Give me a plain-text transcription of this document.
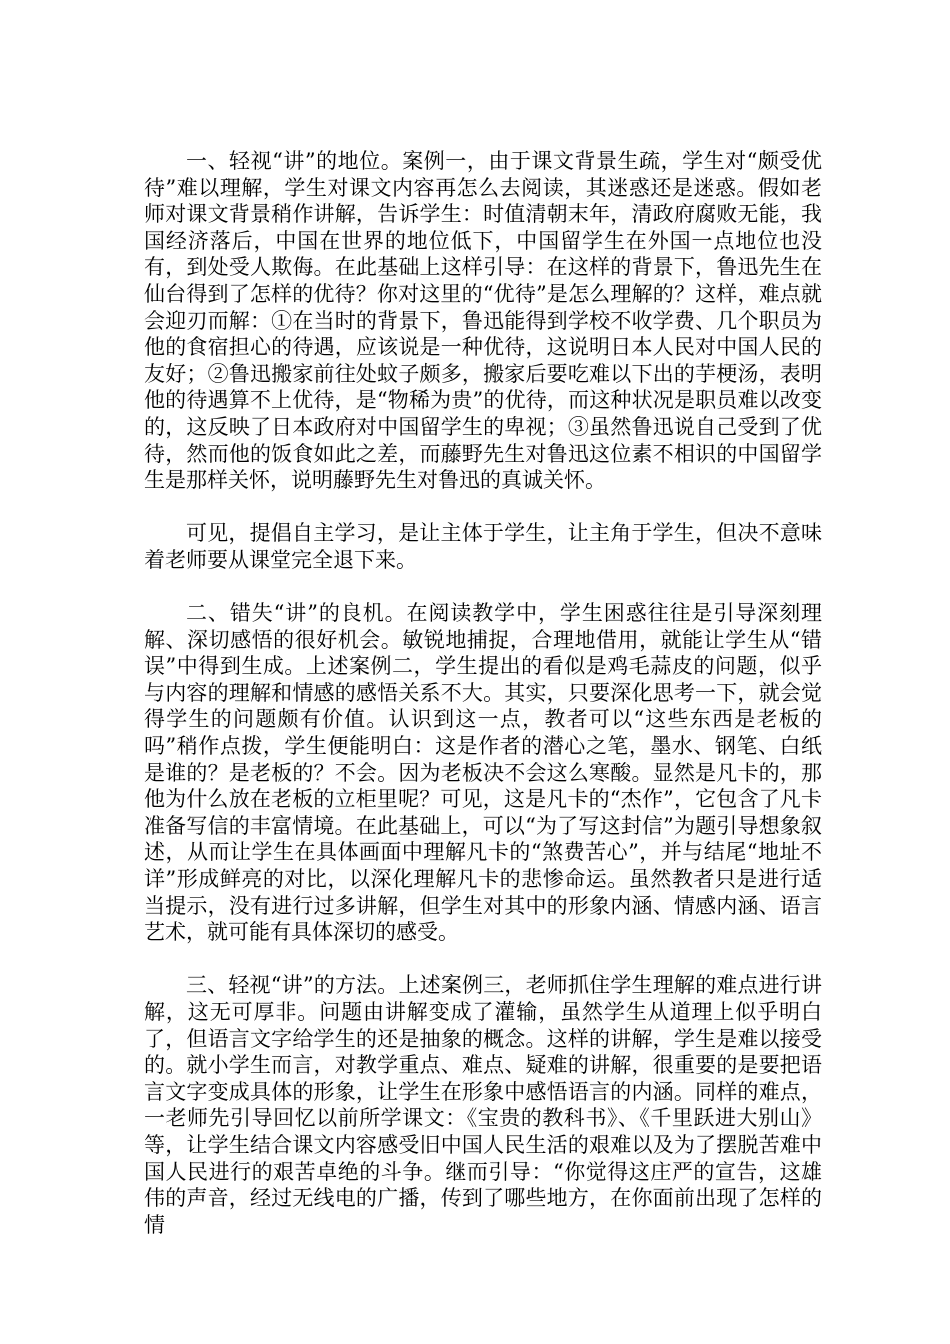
一、轻视“讲”的地位。案例一，由于课文背景生疏，学生对“颇受优待”难以理解，学生对课文内容再怎么去阅读，其迷惑还是迷惑。假如老师对课文背景稍作讲解，告诉学生：时值清朝末年，清政府腐败无能，我国经济落后，中国在世界的地位低下，中国留学生在外国一点地位也没有，到处受人欺侮。在此基础上这样引导：在这样的背景下，鲁迅先生在仙台得到了怎样的优待？你对这里的“优待”是怎么理解的？这样，难点就会迎刃而解：①在当时的背景下，鲁迅能得到学校不收学费、几个职员为他的食宿担心的待遇，应该说是一种优待，这说明日本人民对中国人民的友好；②鲁迅搬家前往处蚊子颇多，搬家后要吃难以下出的芋梗汤，表明他的待遇算不上优待，是“物稀为贵”的优待，而这种状况是职员难以改变的，这反映了日本政府对中国留学生的卑视；③虽然鲁迅说自己受到了优待，然而他的饭食如此之差，而藤野先生对鲁迅这位素不相识的中国留学生是那样关怀，说明藤野先生对鲁迅的真诚关怀。

可见，提倡自主学习，是让主体于学生，让主角于学生，但决不意味着老师要从课堂完全退下来。

二、错失“讲”的良机。在阅读教学中，学生困惑往往是引导深刻理解、深切感悟的很好机会。敏锐地捕捉，合理地借用，就能让学生从“错误”中得到生成。上述案例二，学生提出的看似是鸡毛蒜皮的问题，似乎与内容的理解和情感的感悟关系不大。其实，只要深化思考一下，就会觉得学生的问题颇有价值。认识到这一点，教者可以“这些东西是老板的吗”稍作点拨，学生便能明白：这是作者的潜心之笔，墨水、钢笔、白纸是谁的？是老板的？不会。因为老板决不会这么寒酸。显然是凡卡的，那他为什么放在老板的立柜里呢？可见，这是凡卡的“杰作”，它包含了凡卡准备写信的丰富情境。在此基础上，可以“为了写这封信”为题引导想象叙述，从而让学生在具体画面中理解凡卡的“煞费苦心”，并与结尾“地址不详”形成鲜亮的对比，以深化理解凡卡的悲惨命运。虽然教者只是进行适当提示，没有进行过多讲解，但学生对其中的形象内涵、情感内涵、语言艺术，就可能有具体深切的感受。

三、轻视“讲”的方法。上述案例三，老师抓住学生理解的难点进行讲解，这无可厚非。问题由讲解变成了灌输，虽然学生从道理上似乎明白了，但语言文字给学生的还是抽象的概念。这样的讲解，学生是难以接受的。就小学生而言，对教学重点、难点、疑难的讲解，很重要的是要把语言文字变成具体的形象，让学生在形象中感悟语言的内涵。同样的难点，一老师先引导回忆以前所学课文：《宝贵的教科书》、《千里跃进大别山》等，让学生结合课文内容感受旧中国人民生活的艰难以及为了摆脱苦难中国人民进行的艰苦卓绝的斗争。继而引导：“你觉得这庄严的宣告，这雄伟的声音，经过无线电的广播，传到了哪些地方，在你面前出现了怎样的情
